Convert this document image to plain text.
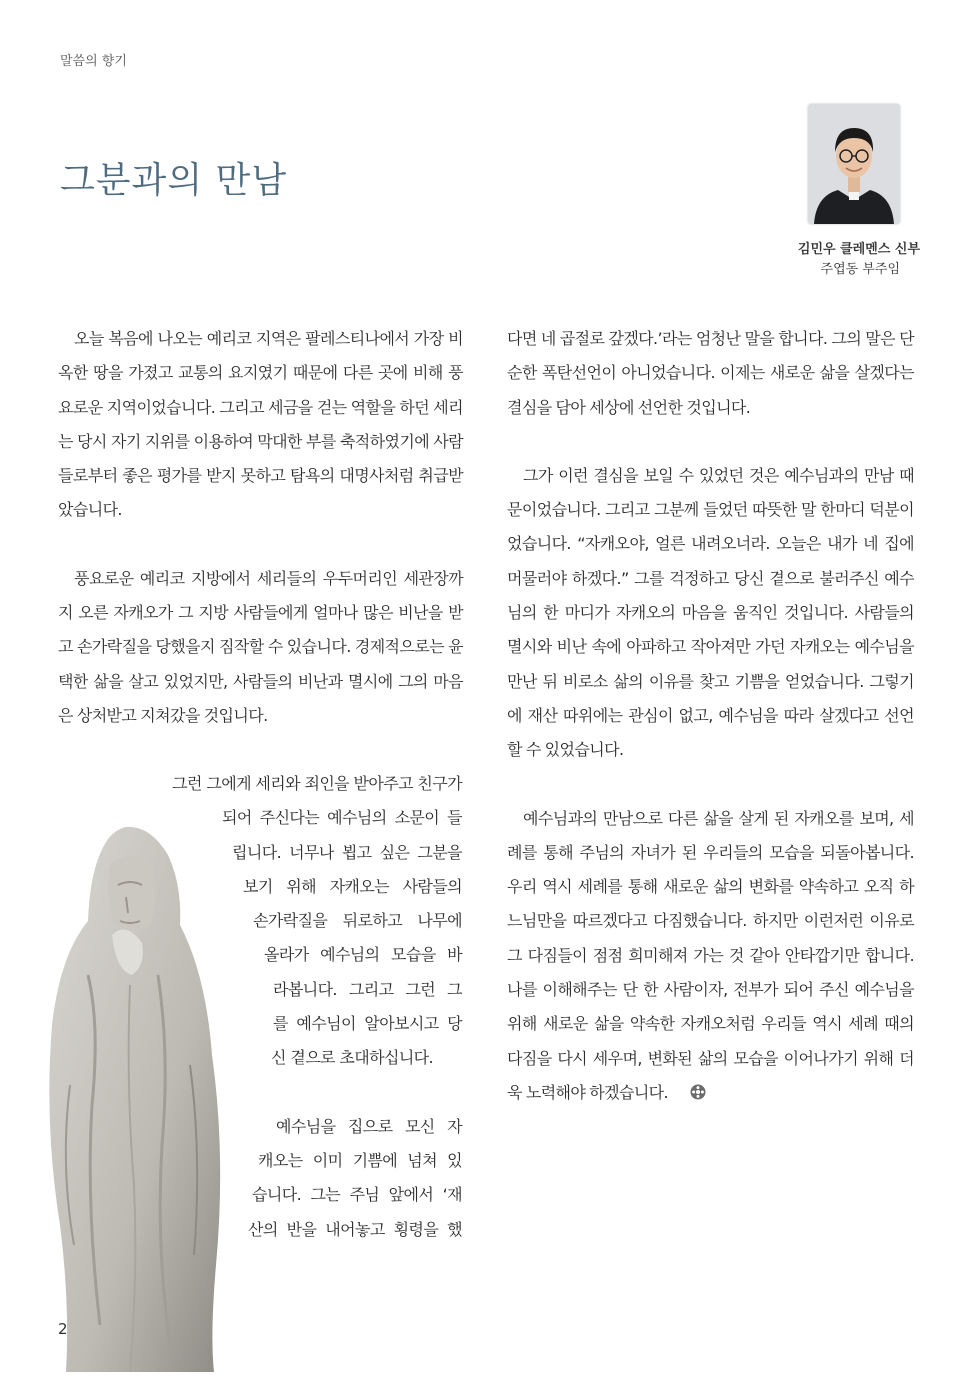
말씀의 향기
그분과의 만남
김민우 클레멘스 신부
주엽동 부주임

오늘 복음에 나오는 예리코 지역은 팔레스티나에서 가장 비옥한 땅을 가졌고 교통의 요지였기 때문에 다른 곳에 비해 풍요로운 지역이었습니다. 그리고 세금을 걷는 역할을 하던 세리는 당시 자기 지위를 이용하여 막대한 부를 축적하였기에 사람들로부터 좋은 평가를 받지 못하고 탐욕의 대명사처럼 취급받았습니다.

풍요로운 예리코 지방에서 세리들의 우두머리인 세관장까지 오른 자캐오가 그 지방 사람들에게 얼마나 많은 비난을 받고 손가락질을 당했을지 짐작할 수 있습니다. 경제적으로는 윤택한 삶을 살고 있었지만, 사람들의 비난과 멸시에 그의 마음은 상처받고 지쳐갔을 것입니다.

그런 그에게 세리와 죄인을 받아주고 친구가
되어 주신다는 예수님의 소문이 들
립니다. 너무나 뵙고 싶은 그분을
보기 위해 자캐오는 사람들의
손가락질을 뒤로하고 나무에
올라가 예수님의 모습을 바
라봅니다. 그리고 그런 그
를 예수님이 알아보시고 당
신 곁으로 초대하십니다.
예수님을 집으로 모신 자
캐오는 이미 기쁨에 넘쳐 있
습니다. 그는 주님 앞에서 ‘재
산의 반을 내어놓고 횡령을 했

다면 네 곱절로 갚겠다.’라는 엄청난 말을 합니다. 그의 말은 단순한 폭탄선언이 아니었습니다. 이제는 새로운 삶을 살겠다는 결심을 담아 세상에 선언한 것입니다.

그가 이런 결심을 보일 수 있었던 것은 예수님과의 만남 때문이었습니다. 그리고 그분께 들었던 따뜻한 말 한마디 덕분이었습니다. “자캐오야, 얼른 내려오너라. 오늘은 내가 네 집에 머물러야 하겠다.” 그를 걱정하고 당신 곁으로 불러주신 예수님의 한 마디가 자캐오의 마음을 움직인 것입니다. 사람들의 멸시와 비난 속에 아파하고 작아져만 가던 자캐오는 예수님을 만난 뒤 비로소 삶의 이유를 찾고 기쁨을 얻었습니다. 그렇기에 재산 따위에는 관심이 없고, 예수님을 따라 살겠다고 선언할 수 있었습니다.

예수님과의 만남으로 다른 삶을 살게 된 자캐오를 보며, 세례를 통해 주님의 자녀가 된 우리들의 모습을 되돌아봅니다. 우리 역시 세례를 통해 새로운 삶의 변화를 약속하고 오직 하느님만을 따르겠다고 다짐했습니다. 하지만 이런저런 이유로 그 다짐들이 점점 희미해져 가는 것 같아 안타깝기만 합니다. 나를 이해해주는 단 한 사람이자, 전부가 되어 주신 예수님을 위해 새로운 삶을 약속한 자캐오처럼 우리들 역시 세례 때의 다짐을 다시 세우며, 변화된 삶의 모습을 이어나가기 위해 더욱 노력해야 하겠습니다.

2
